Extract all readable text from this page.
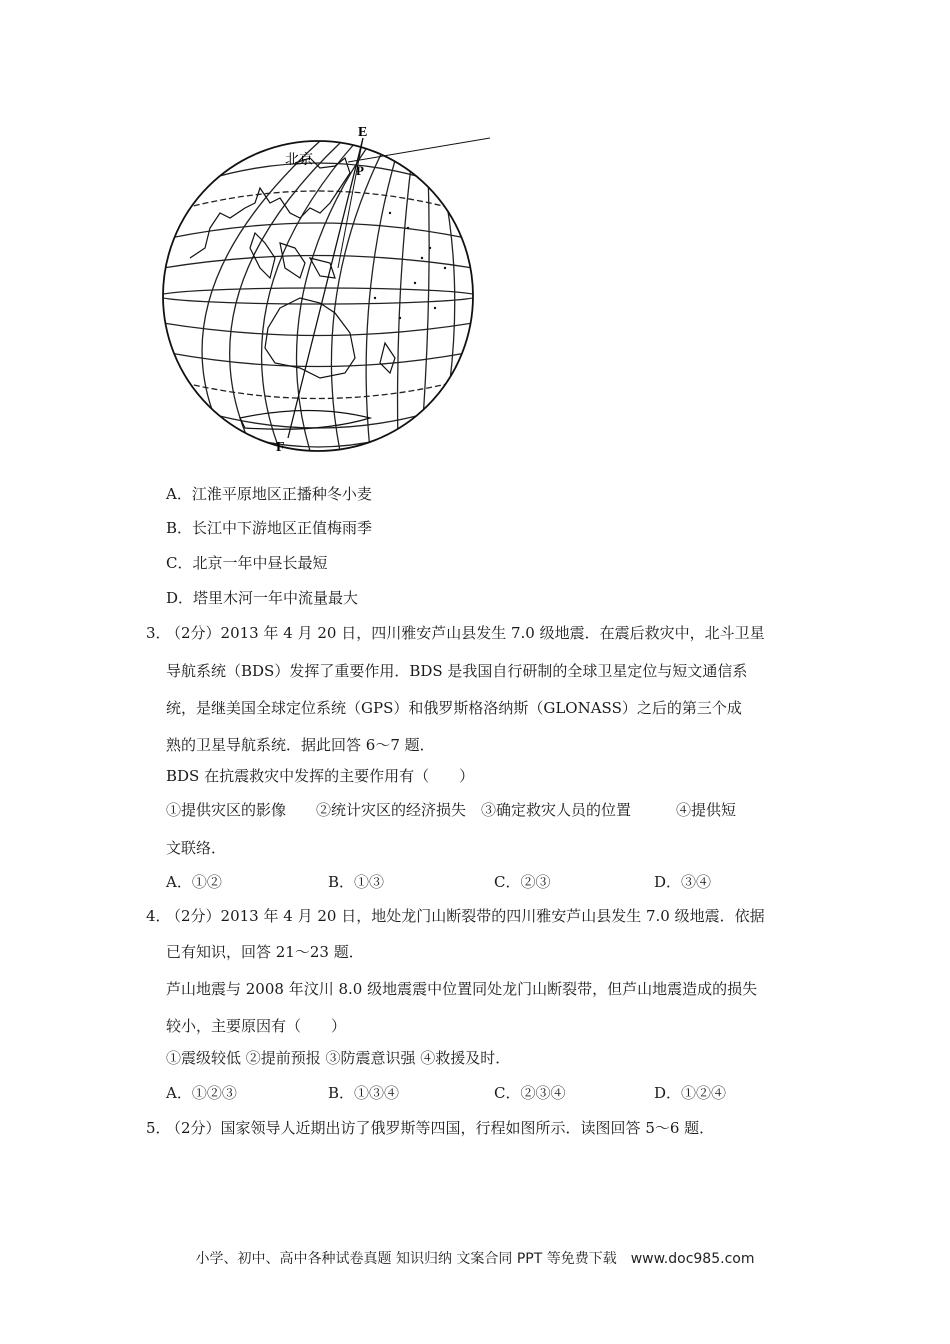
E
P
F
北京
A．江淮平原地区正播种冬小麦
B．长江中下游地区正值梅雨季
C．北京一年中昼长最短
D．塔里木河一年中流量最大
3．
（2分）2013 年 4 月 20 日，四川雅安芦山县发生 7.0 级地震．在震后救灾中，北斗卫星
导航系统（BDS）发挥了重要作用．BDS 是我国自行研制的全球卫星定位与短文通信系
统，是继美国全球定位系统（GPS）和俄罗斯格洛纳斯（GLONASS）之后的第三个成
熟的卫星导航系统．据此回答 6～7 题．
BDS 在抗震救灾中发挥的主要作用有（　　）
①提供灾区的影像　　②统计灾区的经济损失　③确定救灾人员的位置　　　④提供短
文联络．
A．①②	B．①③	C．②③	D．③④
4．
（2分）2013 年 4 月 20 日，地处龙门山断裂带的四川雅安芦山县发生 7.0 级地震．依据
已有知识，回答 21～23 题．
芦山地震与 2008 年汶川 8.0 级地震震中位置同处龙门山断裂带，但芦山地震造成的损失
较小，主要原因有（　　）
①震级较低 ②提前预报 ③防震意识强 ④救援及时．
A．①②③	B．①③④	C．②③④	D．①②④
5．
（2分）国家领导人近期出访了俄罗斯等四国，行程如图所示．读图回答 5～6 题．
小学、初中、高中各种试卷真题 知识归纳 文案合同 PPT 等免费下载　www.doc985.com
